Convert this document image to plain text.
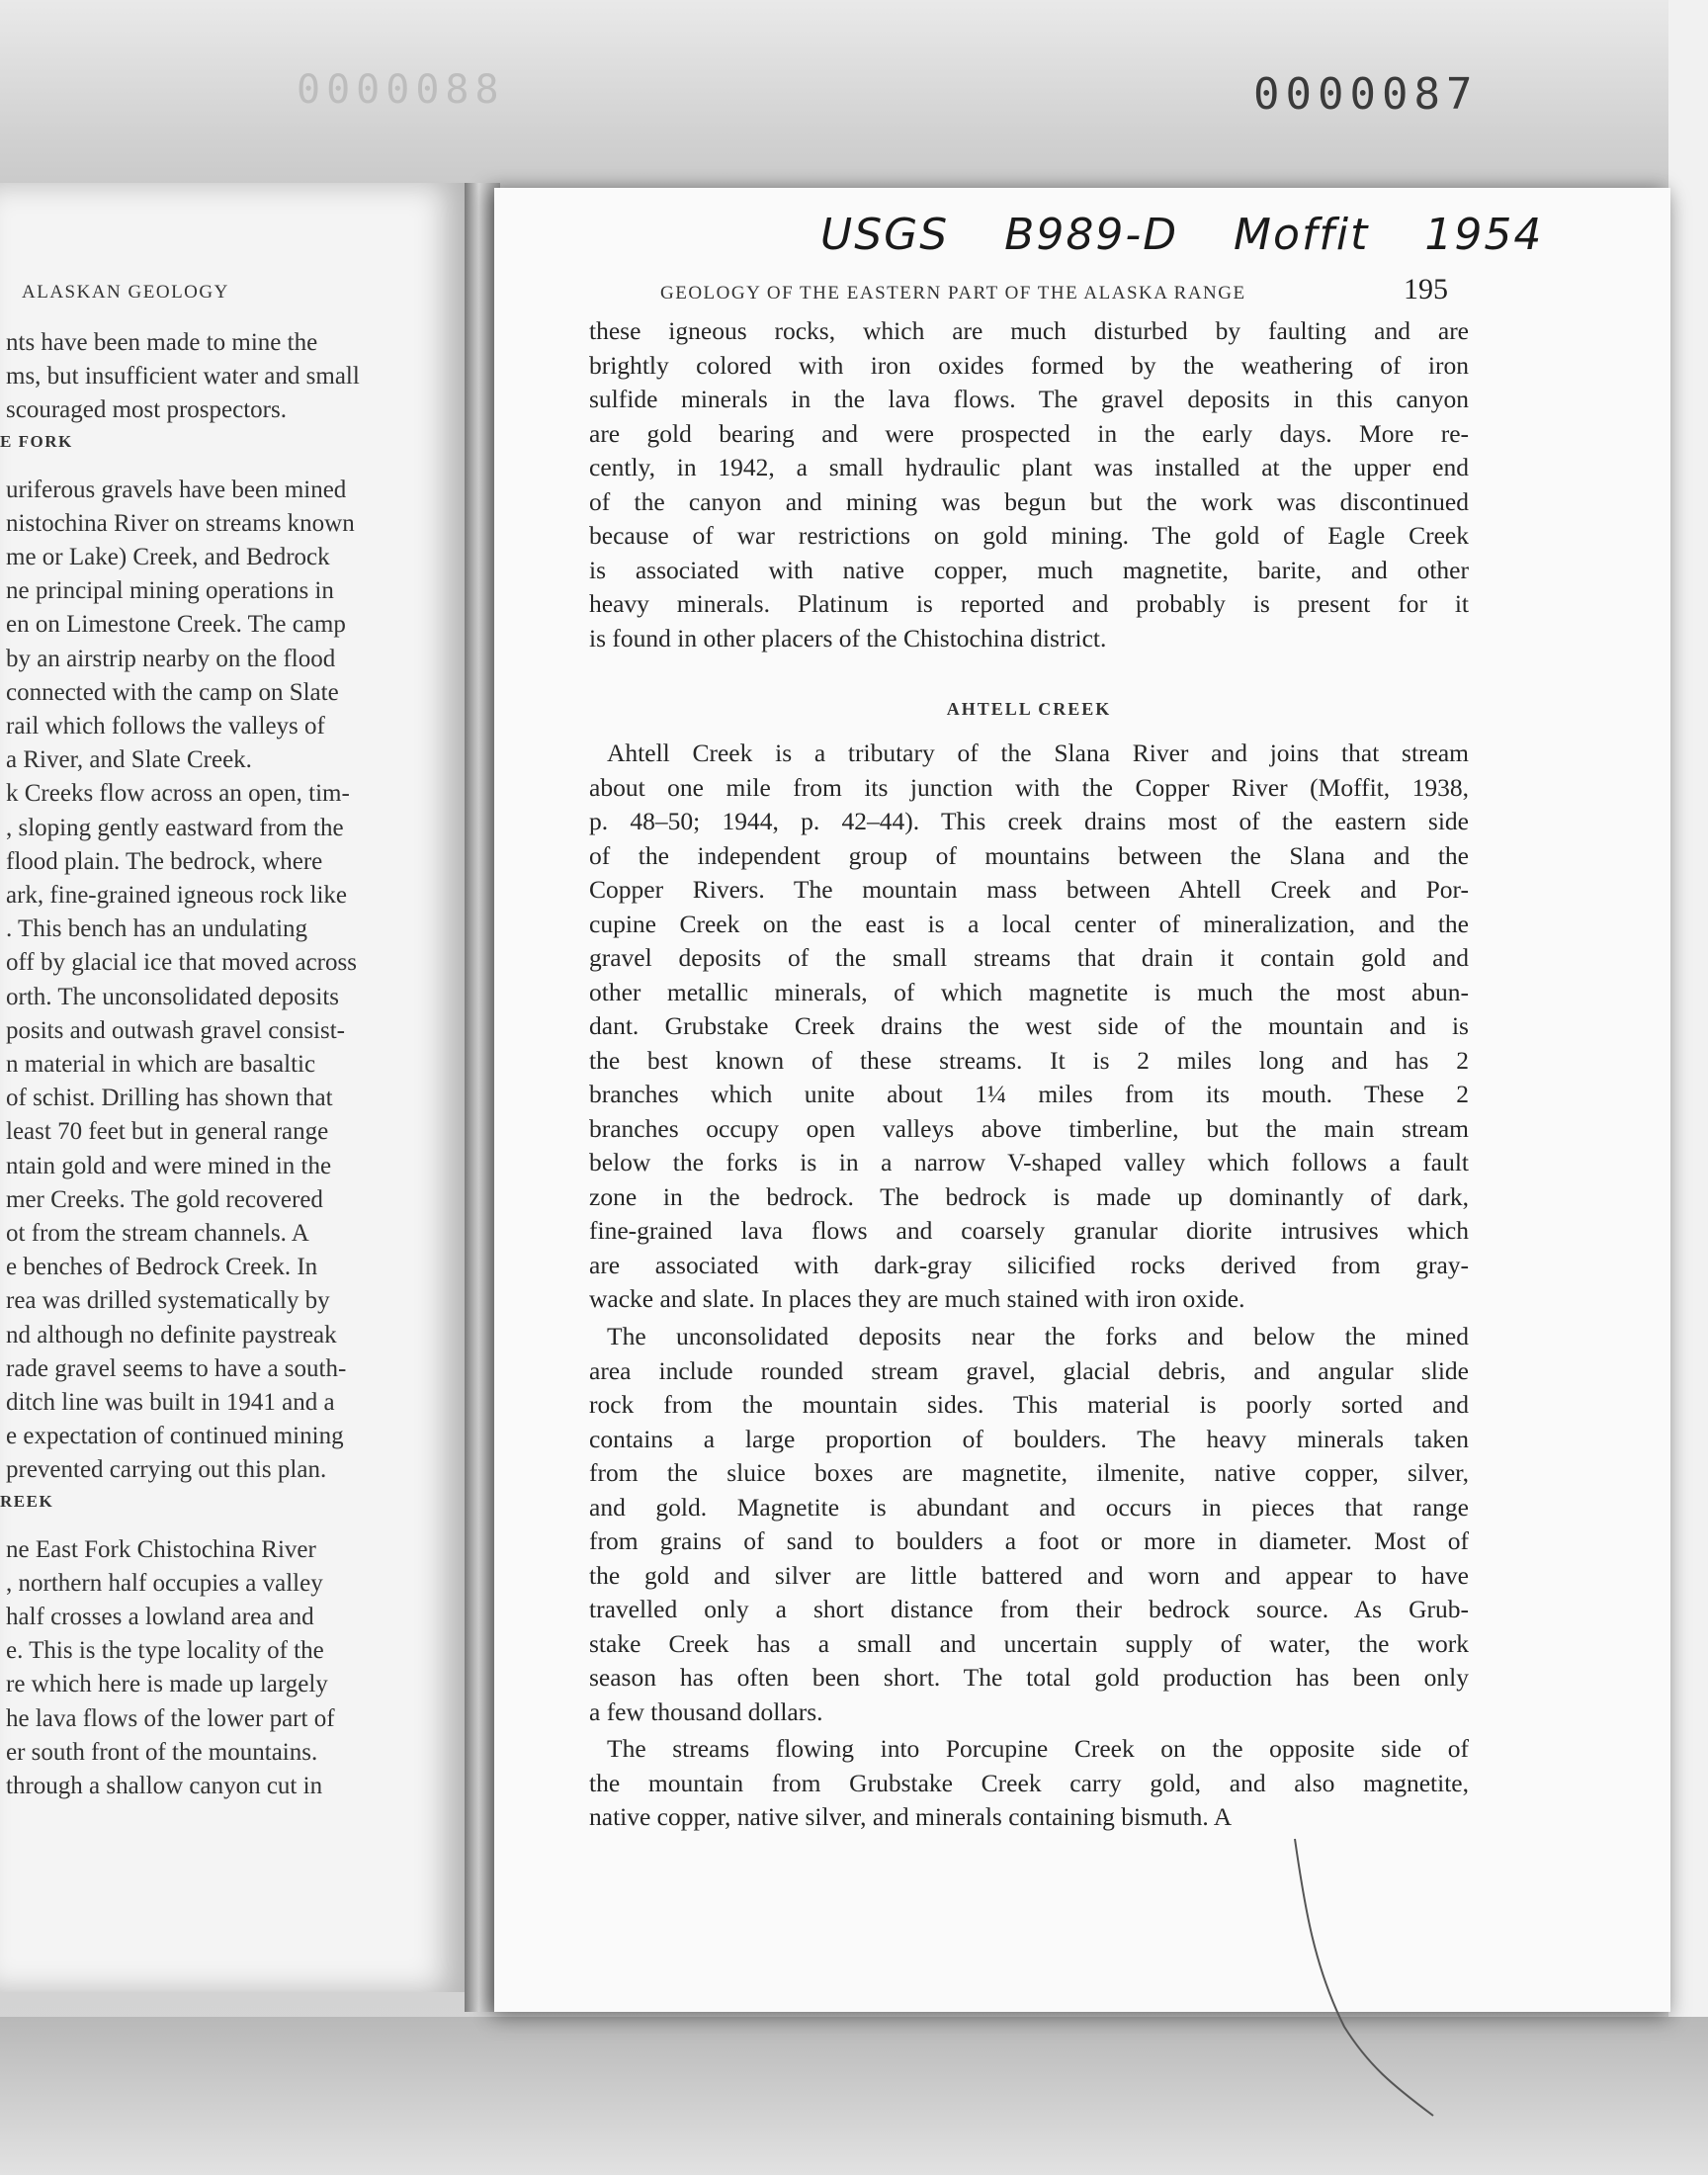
0000088	0000087
ALASKAN GEOLOGY
nts have been made to mine the
ms, but insufficient water and small
scouraged most prospectors.
E FORK
uriferous gravels have been mined
nistochina River on streams known
me or Lake) Creek, and Bedrock
ne principal mining operations in
en on Limestone Creek. The camp
by an airstrip nearby on the flood
connected with the camp on Slate
rail which follows the valleys of
a River, and Slate Creek.
k Creeks flow across an open, tim-
, sloping gently eastward from the
flood plain. The bedrock, where
ark, fine-grained igneous rock like
. This bench has an undulating
off by glacial ice that moved across
orth. The unconsolidated deposits
posits and outwash gravel consist-
n material in which are basaltic
of schist. Drilling has shown that
least 70 feet but in general range
ntain gold and were mined in the
mer Creeks. The gold recovered
ot from the stream channels. A
e benches of Bedrock Creek. In
rea was drilled systematically by
nd although no definite paystreak
rade gravel seems to have a south-
ditch line was built in 1941 and a
e expectation of continued mining
prevented carrying out this plan.
REEK
ne East Fork Chistochina River
, northern half occupies a valley
half crosses a lowland area and
e. This is the type locality of the
re which here is made up largely
he lava flows of the lower part of
er south front of the mountains.
through a shallow canyon cut in
USGS B989-D Moffit 1954
GEOLOGY OF THE EASTERN PART OF THE ALASKA RANGE	195
AHTELL CREEK
these igneous rocks, which are much disturbed by faulting and are
brightly colored with iron oxides formed by the weathering of iron
sulfide minerals in the lava flows. The gravel deposits in this canyon
are gold bearing and were prospected in the early days. More re-
cently, in 1942, a small hydraulic plant was installed at the upper end
of the canyon and mining was begun but the work was discontinued
because of war restrictions on gold mining. The gold of Eagle Creek
is associated with native copper, much magnetite, barite, and other
heavy minerals. Platinum is reported and probably is present for it
is found in other placers of the Chistochina district.
Ahtell Creek is a tributary of the Slana River and joins that stream
about one mile from its junction with the Copper River (Moffit, 1938,
p. 48–50; 1944, p. 42–44). This creek drains most of the eastern side
of the independent group of mountains between the Slana and the
Copper Rivers. The mountain mass between Ahtell Creek and Por-
cupine Creek on the east is a local center of mineralization, and the
gravel deposits of the small streams that drain it contain gold and
other metallic minerals, of which magnetite is much the most abun-
dant. Grubstake Creek drains the west side of the mountain and is
the best known of these streams. It is 2 miles long and has 2
branches which unite about 1¼ miles from its mouth. These 2
branches occupy open valleys above timberline, but the main stream
below the forks is in a narrow V-shaped valley which follows a fault
zone in the bedrock. The bedrock is made up dominantly of dark,
fine-grained lava flows and coarsely granular diorite intrusives which
are associated with dark-gray silicified rocks derived from gray-
wacke and slate. In places they are much stained with iron oxide.
The unconsolidated deposits near the forks and below the mined
area include rounded stream gravel, glacial debris, and angular slide
rock from the mountain sides. This material is poorly sorted and
contains a large proportion of boulders. The heavy minerals taken
from the sluice boxes are magnetite, ilmenite, native copper, silver,
and gold. Magnetite is abundant and occurs in pieces that range
from grains of sand to boulders a foot or more in diameter. Most of
the gold and silver are little battered and worn and appear to have
travelled only a short distance from their bedrock source. As Grub-
stake Creek has a small and uncertain supply of water, the work
season has often been short. The total gold production has been only
a few thousand dollars.
The streams flowing into Porcupine Creek on the opposite side of
the mountain from Grubstake Creek carry gold, and also magnetite,
native copper, native silver, and minerals containing bismuth. A
